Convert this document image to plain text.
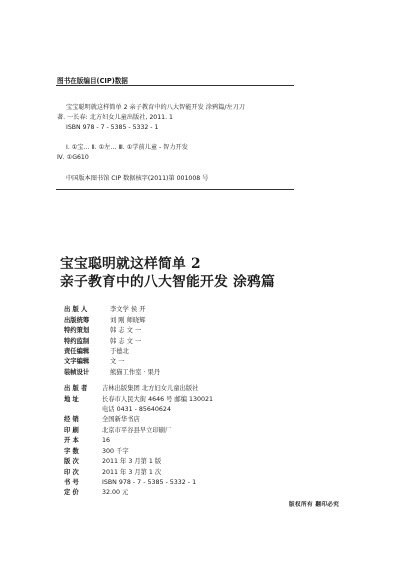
图书在版编目(CIP)数据
宝宝聪明就这样简单 2 亲子教育中的八大智能开发 涂鸦篇/左刀刀
著. 一长春: 北方妇女儿童出版社, 2011. 1
ISBN 978 - 7 - 5385 - 5332 - 1
Ⅰ. ①宝… Ⅱ. ①左… Ⅲ. ①学前儿童 - 智力开发
Ⅳ. ①G610
中国版本图书馆 CIP 数据核字(2011)第 001008 号
宝宝聪明就这样简单 2
亲子教育中的八大智能开发 涂鸦篇
出 版 人	李文学 侯 开
出版统筹	刘 刚 师晓辉
特约策划	韩 志 文 一
特约监制	韩 志 文 一
责任编辑	于德北
文字编辑	文 一
装帧设计	熊猫工作室 · 果丹
出 版 者 吉林出版集团 北方妇女儿童出版社
地 址	长春市人民大街 4646 号 邮编 130021
电话 0431 - 85640624
经 销	全国新华书店
印 刷	北京市平谷县早立印刷厂
开 本	16
字 数	300 千字
版 次	2011 年 3 月第 1 版
印 次	2011 年 3 月第 1 次
书 号	ISBN 978 - 7 - 5385 - 5332 - 1
定 价	32.00 元
版权所有 翻印必究
